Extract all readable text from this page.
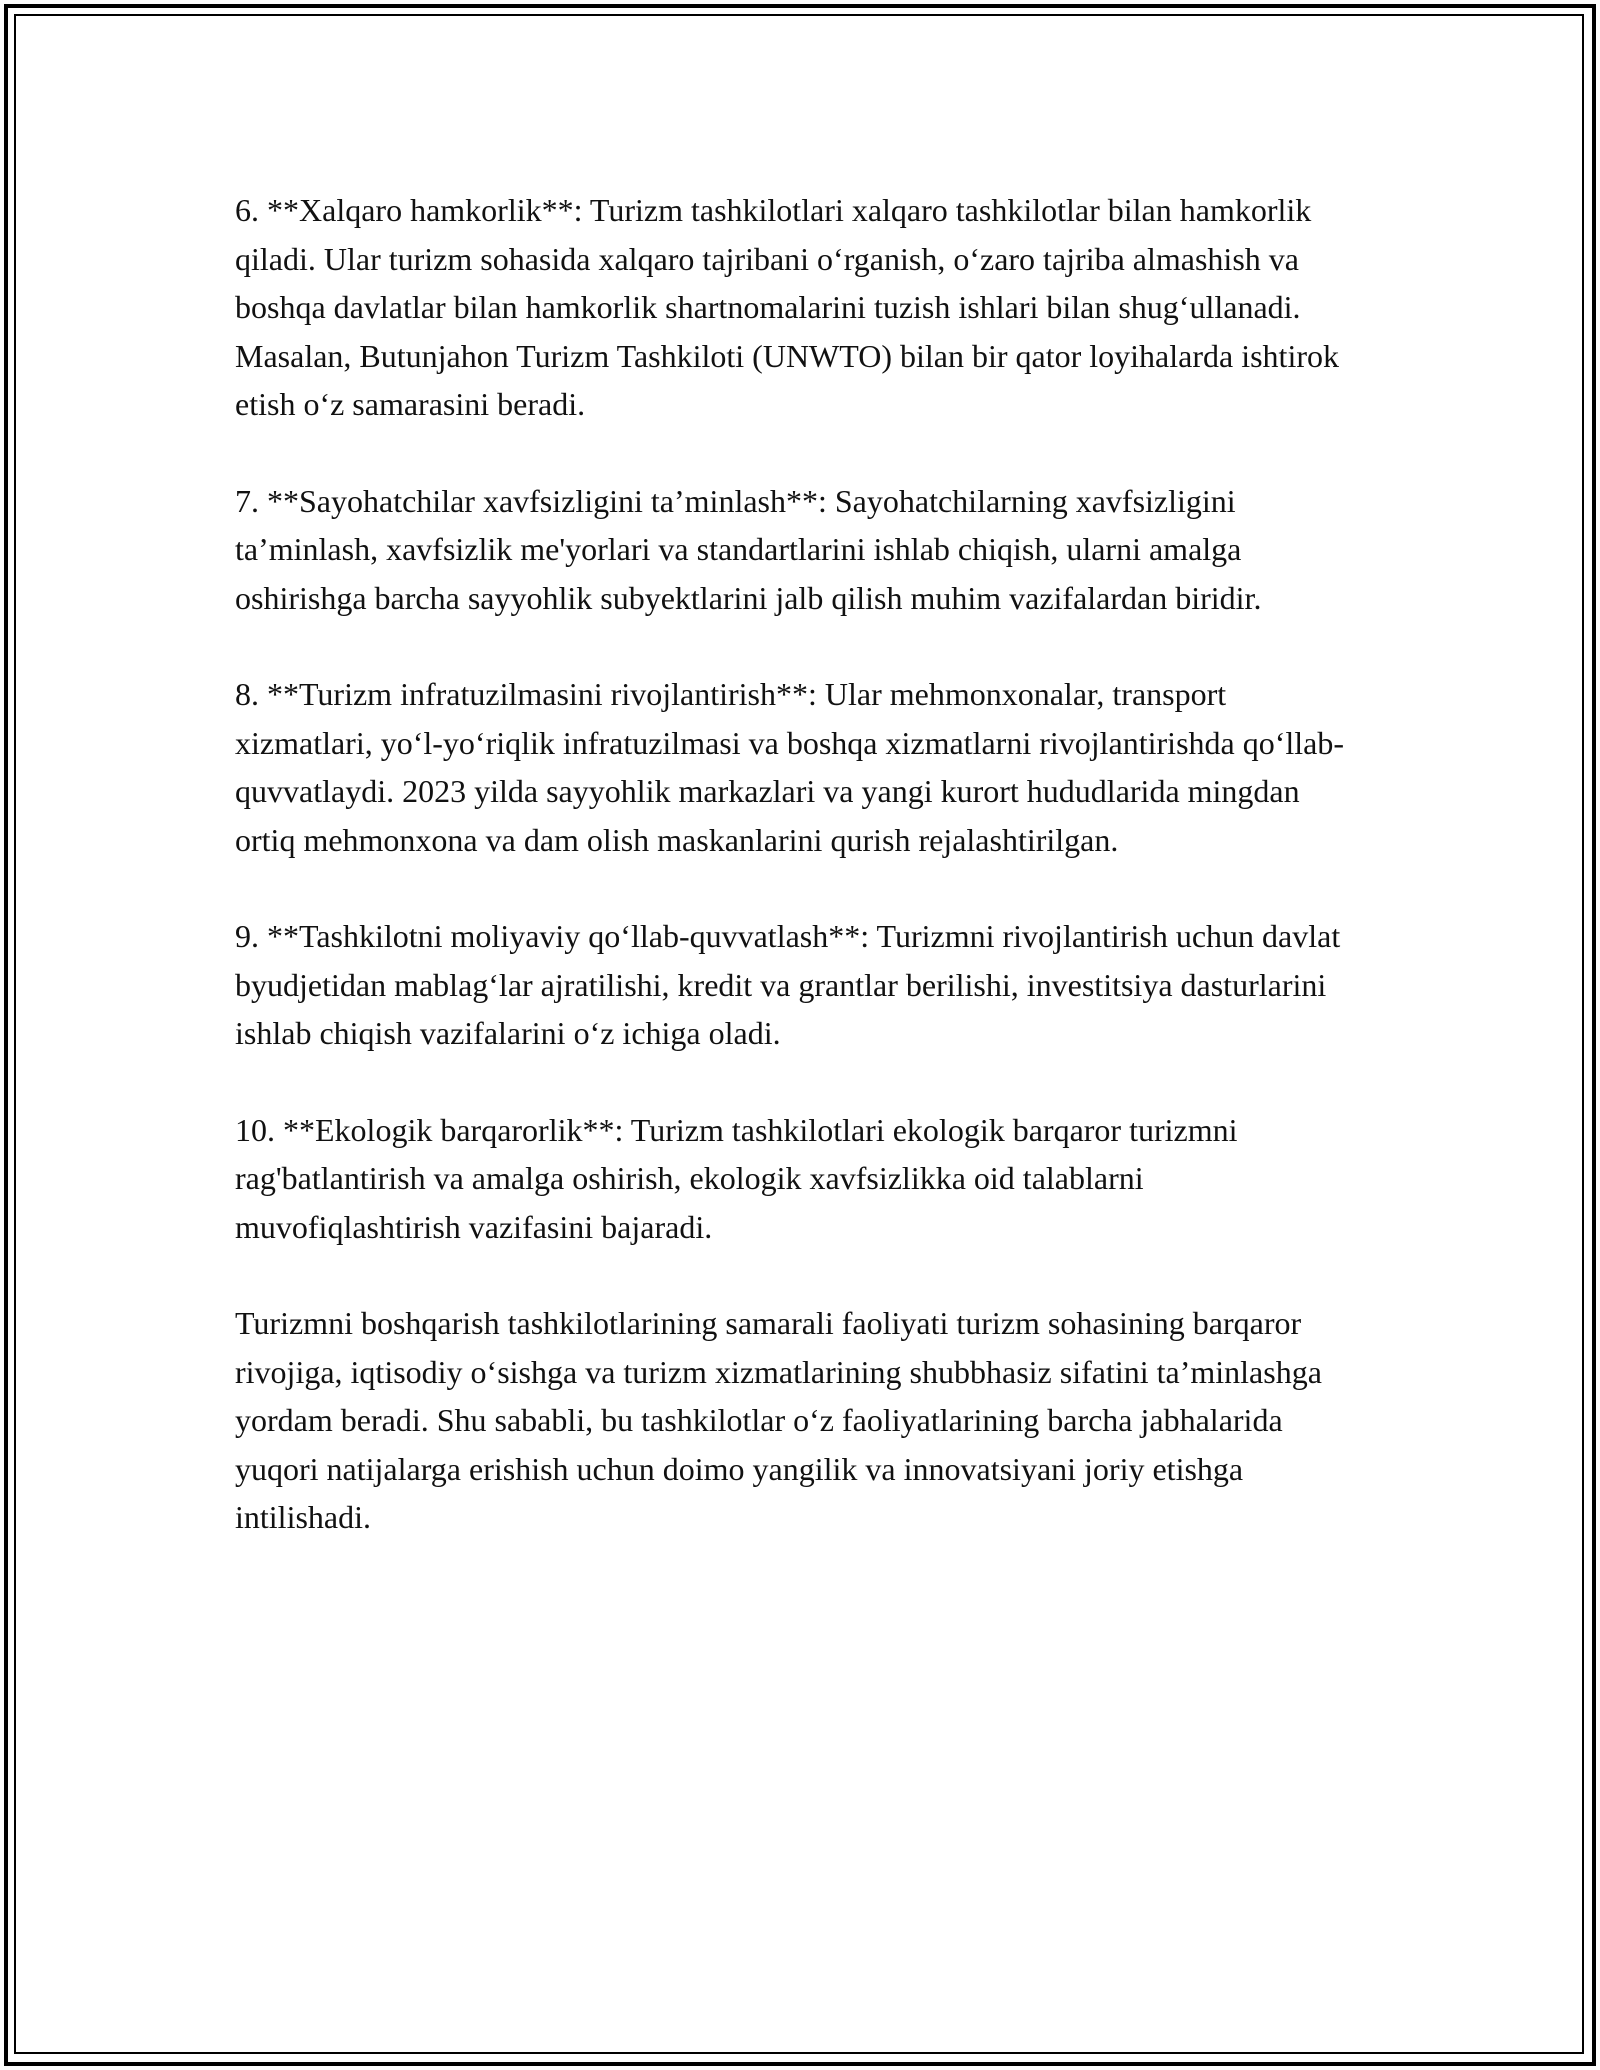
6. **Xalqaro hamkorlik**: Turizm tashkilotlari xalqaro tashkilotlar bilan hamkorlik qiladi. Ular turizm sohasida xalqaro tajribani o‘rganish, o‘zaro tajriba almashish va boshqa davlatlar bilan hamkorlik shartnomalarini tuzish ishlari bilan shug‘ullanadi. Masalan, Butunjahon Turizm Tashkiloti (UNWTO) bilan bir qator loyihalarda ishtirok etish o‘z samarasini beradi.

7. **Sayohatchilar xavfsizligini ta’minlash**: Sayohatchilarning xavfsizligini ta’minlash, xavfsizlik me'yorlari va standartlarini ishlab chiqish, ularni amalga oshirishga barcha sayyohlik subyektlarini jalb qilish muhim vazifalardan biridir.

8. **Turizm infratuzilmasini rivojlantirish**: Ular mehmonxonalar, transport xizmatlari, yo‘l-yo‘riqlik infratuzilmasi va boshqa xizmatlarni rivojlantirishda qo‘llab-quvvatlaydi. 2023 yilda sayyohlik markazlari va yangi kurort hududlarida mingdan ortiq mehmonxona va dam olish maskanlarini qurish rejalashtirilgan.

9. **Tashkilotni moliyaviy qo‘llab-quvvatlash**: Turizmni rivojlantirish uchun davlat byudjetidan mablag‘lar ajratilishi, kredit va grantlar berilishi, investitsiya dasturlarini ishlab chiqish vazifalarini o‘z ichiga oladi.

10. **Ekologik barqarorlik**: Turizm tashkilotlari ekologik barqaror turizmni rag'batlantirish va amalga oshirish, ekologik xavfsizlikka oid talablarni muvofiqlashtirish vazifasini bajaradi.

Turizmni boshqarish tashkilotlarining samarali faoliyati turizm sohasining barqaror rivojiga, iqtisodiy o‘sishga va turizm xizmatlarining shubbhasiz sifatini ta’minlashga yordam beradi. Shu sababli, bu tashkilotlar o‘z faoliyatlarining barcha jabhalarida yuqori natijalarga erishish uchun doimo yangilik va innovatsiyani joriy etishga intilishadi.
